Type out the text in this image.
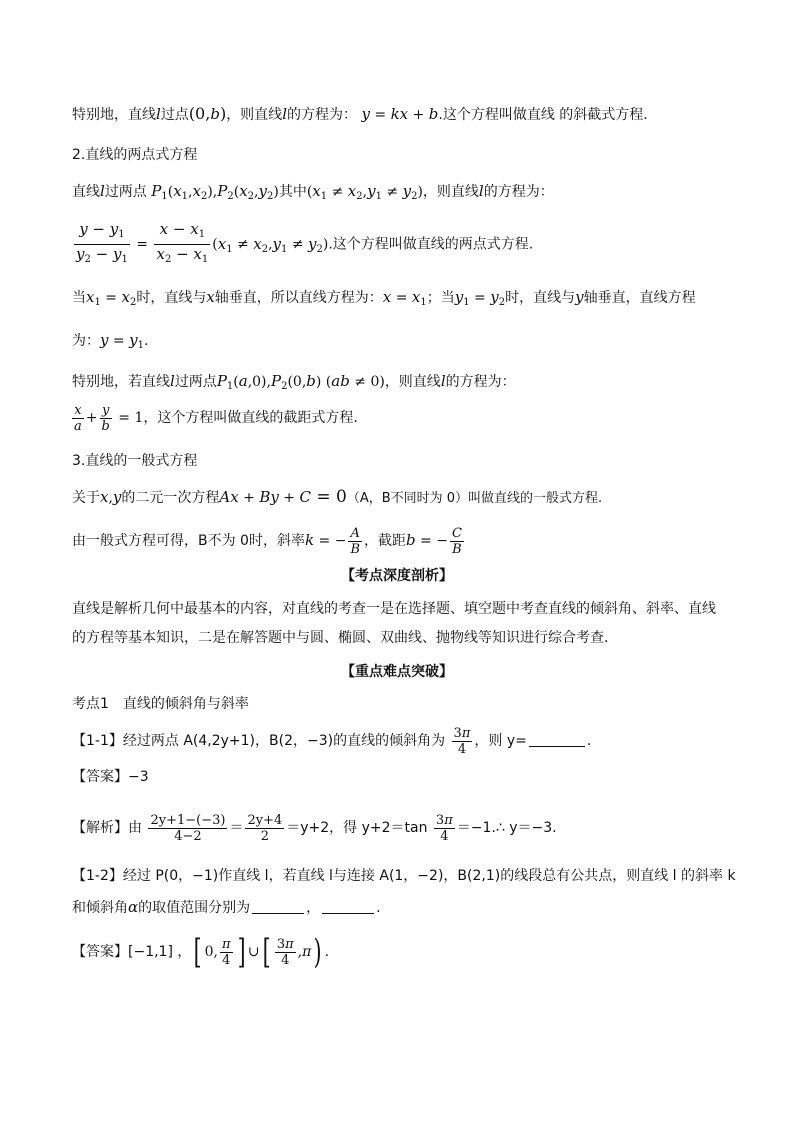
特别地，直线l过点(0,b)，则直线l的方程为： y = kx + b.这个方程叫做直线 的斜截式方程.
2.直线的两点式方程
直线l过两点 $P_1(x_1,x_2),P_2(x_2,y_2)$其中$(x_1 \ne x_2,y_1 \ne y_2)$，则直线l的方程为：
$\frac{y - y_1}{y_2 - y_1} = \frac{x - x_1}{x_2 - x_1} (x_1 \ne x_2,y_1 \ne y_2)$.这个方程叫做直线的两点式方程.
当$x_1 = x_2$时，直线与x轴垂直，所以直线方程为：$x = x_1$；当$y_1 = y_2$时，直线与y轴垂直，直线方程
为：$y = y_1$.
特别地，若直线l过两点$P_1(a,0),P_2(0,b) (ab \ne 0)$，则直线l的方程为：
$\frac{x}{a} + \frac{y}{b} = 1$，这个方程叫做直线的截距式方程.
3.直线的一般式方程
关于x,y的二元一次方程Ax + By + C = 0（A，B不同时为 0）叫做直线的一般式方程.
由一般式方程可得，B不为 0时，斜率k = − $\frac{A}{B}$ ，截距b = − $\frac{C}{B}$
【考点深度剖析】
直线是解析几何中最基本的内容，对直线的考查一是在选择题、填空题中考查直线的倾斜角、斜率、直线的方程等基本知识，二是在解答题中与圆、椭圆、双曲线、抛物线等知识进行综合考查．
【重点难点突破】
考点1　直线的倾斜角与斜率
【1-1】经过两点 A(4,2y+1)，B(2，−3)的直线的倾斜角为 $\frac{3\pi}{4}$ ，则 y=	.
【答案】−3
【解析】由 $\frac{2y+1-(-3)}{4-2} = \frac{2y+4}{2} =y+2$，得 $y+2=\tan \frac{3\pi}{4}$ ＝−1.∴ y＝−3.
【1-2】经过 P(0，−1)作直线 l，若直线 l与连接 A(1，−2)，B(2,1)的线段总有公共点，则直线 l 的斜率 k
和倾斜角α的取值范围分别为	，	.
【答案】[−1,1] ，[ 0, $\frac{\pi}{4}$ ] ∪[ $\frac{3\pi}{4} ,\pi$) .
